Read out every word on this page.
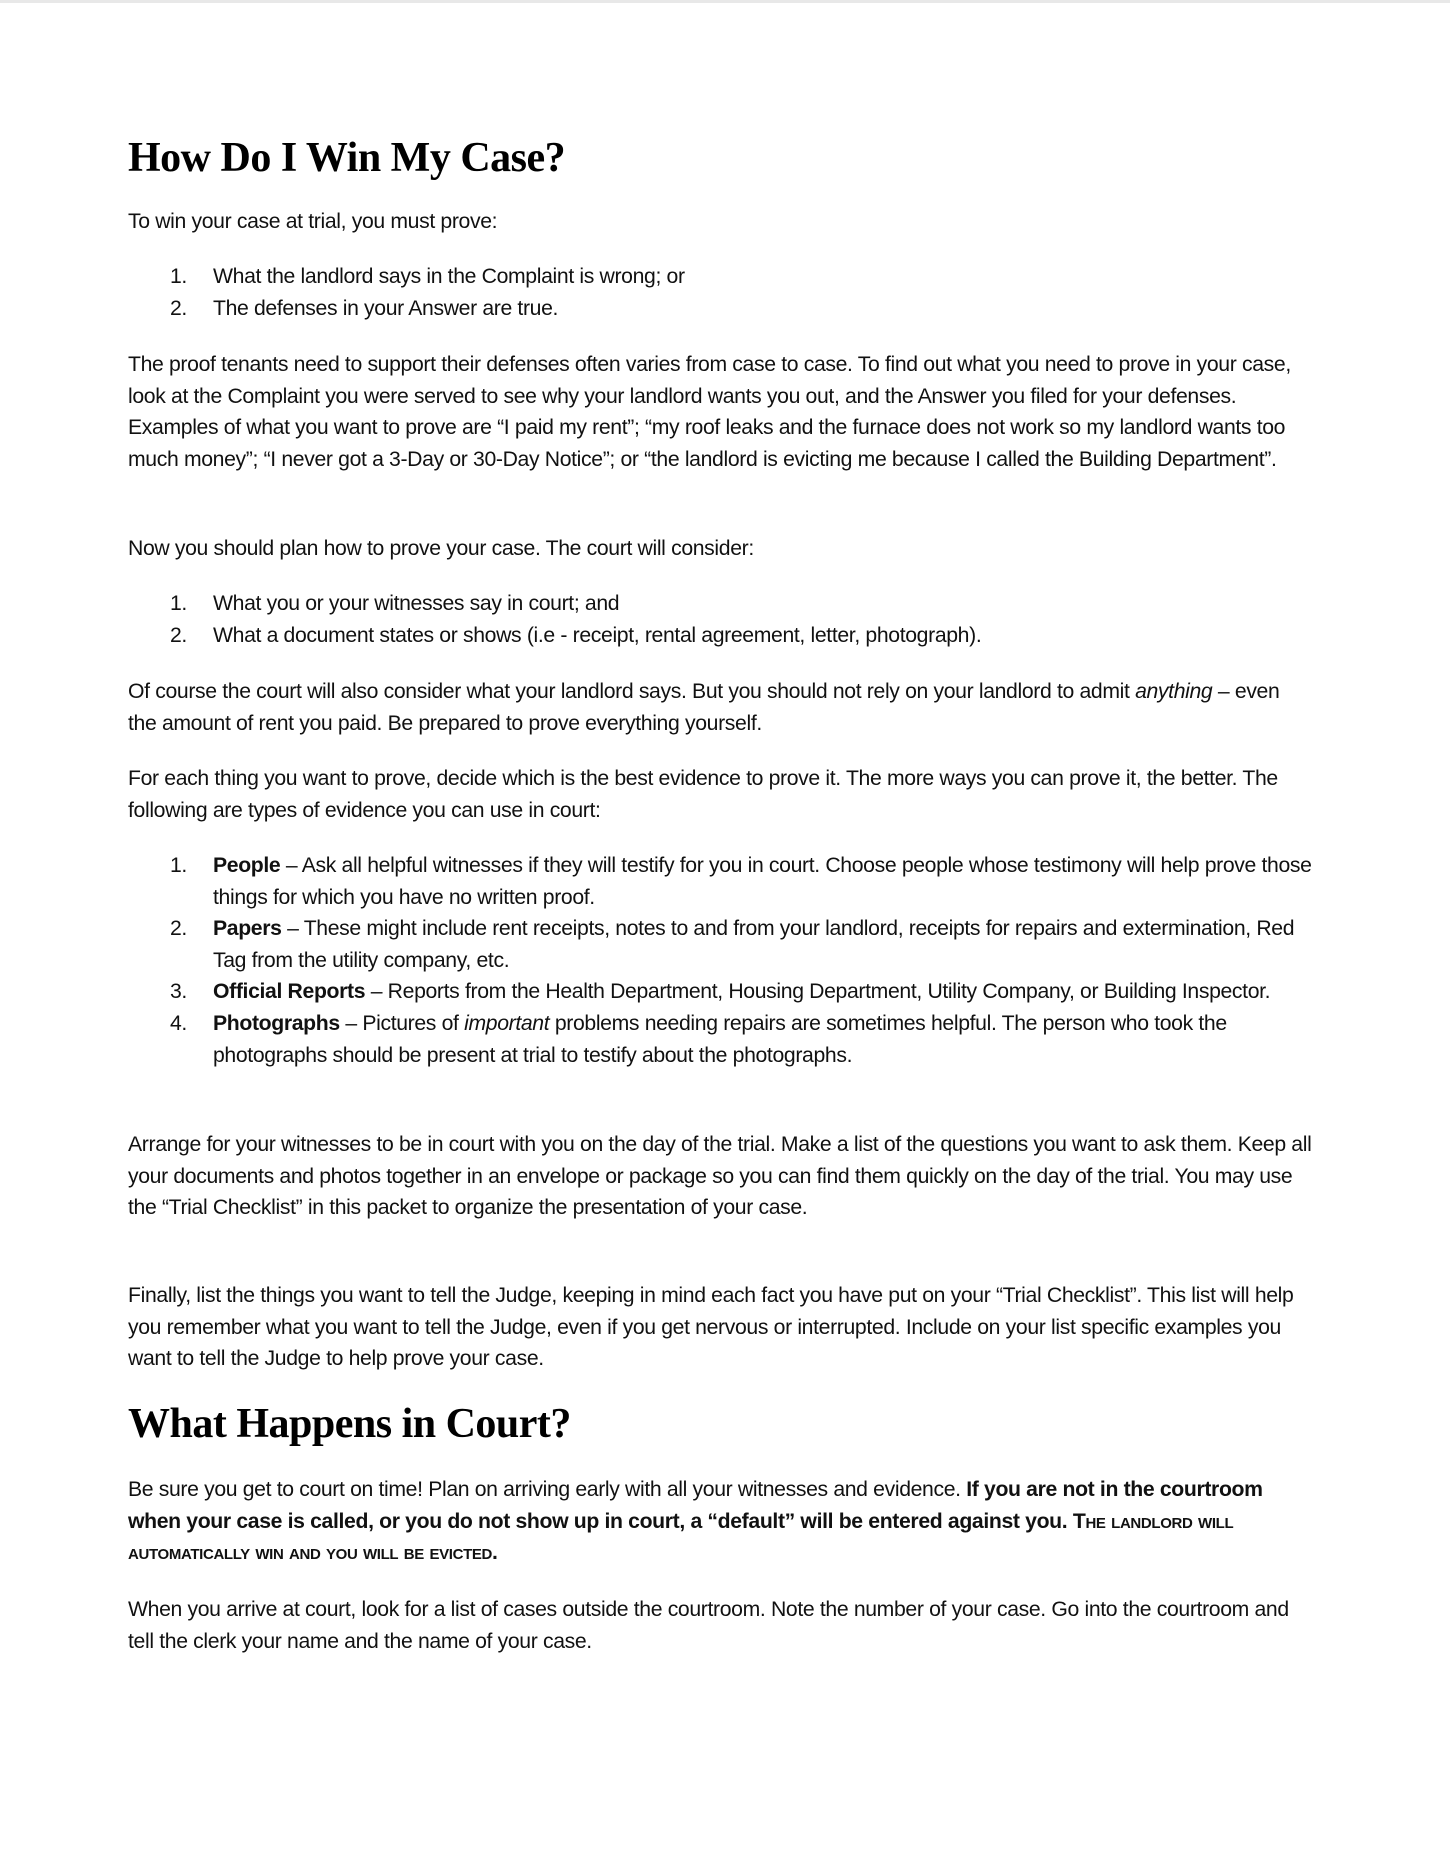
How Do I Win My Case?

To win your case at trial, you must prove:

1. What the landlord says in the Complaint is wrong; or
2. The defenses in your Answer are true.

The proof tenants need to support their defenses often varies from case to case. To find out what you need to prove in your case, look at the Complaint you were served to see why your landlord wants you out, and the Answer you filed for your defenses. Examples of what you want to prove are “I paid my rent”; “my roof leaks and the furnace does not work so my landlord wants too much money”; “I never got a 3-Day or 30-Day Notice”; or “the landlord is evicting me because I called the Building Department”.

Now you should plan how to prove your case. The court will consider:

1. What you or your witnesses say in court; and
2. What a document states or shows (i.e - receipt, rental agreement, letter, photograph).

Of course the court will also consider what your landlord says. But you should not rely on your landlord to admit anything – even the amount of rent you paid. Be prepared to prove everything yourself.

For each thing you want to prove, decide which is the best evidence to prove it. The more ways you can prove it, the better. The following are types of evidence you can use in court:

1. People – Ask all helpful witnesses if they will testify for you in court. Choose people whose testimony will help prove those things for which you have no written proof.
2. Papers – These might include rent receipts, notes to and from your landlord, receipts for repairs and extermination, Red Tag from the utility company, etc.
3. Official Reports – Reports from the Health Department, Housing Department, Utility Company, or Building Inspector.
4. Photographs – Pictures of important problems needing repairs are sometimes helpful. The person who took the photographs should be present at trial to testify about the photographs.

Arrange for your witnesses to be in court with you on the day of the trial. Make a list of the questions you want to ask them. Keep all your documents and photos together in an envelope or package so you can find them quickly on the day of the trial. You may use the “Trial Checklist” in this packet to organize the presentation of your case.

Finally, list the things you want to tell the Judge, keeping in mind each fact you have put on your “Trial Checklist”. This list will help you remember what you want to tell the Judge, even if you get nervous or interrupted. Include on your list specific examples you want to tell the Judge to help prove your case.

What Happens in Court?

Be sure you get to court on time! Plan on arriving early with all your witnesses and evidence. If you are not in the courtroom when your case is called, or you do not show up in court, a “default” will be entered against you. The landlord will automatically win and you will be evicted.

When you arrive at court, look for a list of cases outside the courtroom. Note the number of your case. Go into the courtroom and tell the clerk your name and the name of your case.
